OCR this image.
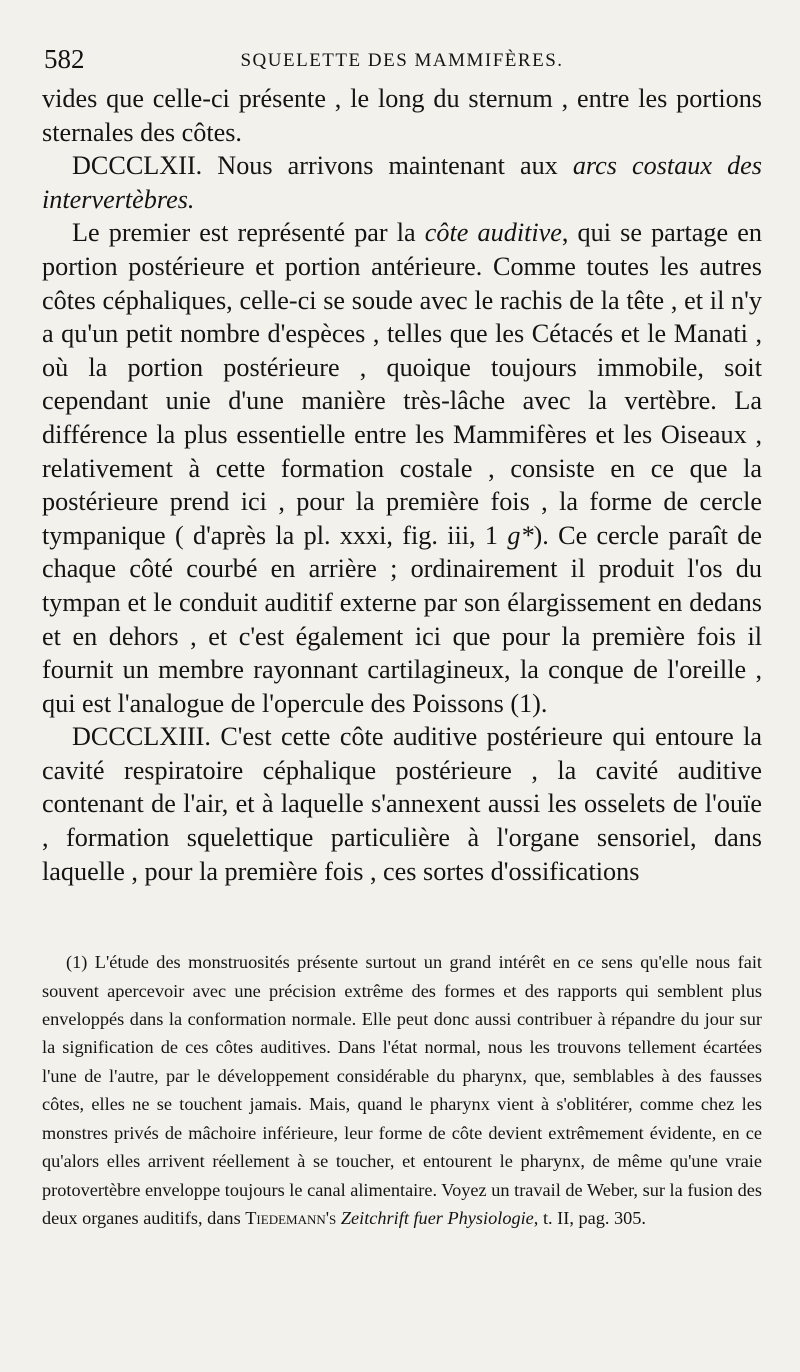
582	SQUELETTE DES MAMMIFÈRES.

vides que celle-ci présente , le long du sternum , entre les portions sternales des côtes.

DCCCLXII. Nous arrivons maintenant aux arcs costaux des intervertèbres.

Le premier est représenté par la côte auditive, qui se partage en portion postérieure et portion antérieure. Comme toutes les autres côtes céphaliques, celle-ci se soude avec le rachis de la tête , et il n'y a qu'un petit nombre d'espèces , telles que les Cétacés et le Manati , où la portion postérieure , quoique toujours immobile, soit cependant unie d'une manière très-lâche avec la vertèbre. La différence la plus essentielle entre les Mammifères et les Oiseaux , relativement à cette formation costale , consiste en ce que la postérieure prend ici , pour la première fois , la forme de cercle tympanique ( d'après la pl. xxxi, fig. iii, 1 g*). Ce cercle paraît de chaque côté courbé en arrière ; ordinairement il produit l'os du tympan et le conduit auditif externe par son élargissement en dedans et en dehors , et c'est également ici que pour la première fois il fournit un membre rayonnant cartilagineux, la conque de l'oreille , qui est l'analogue de l'opercule des Poissons (1).

DCCCLXIII. C'est cette côte auditive postérieure qui entoure la cavité respiratoire céphalique postérieure , la cavité auditive contenant de l'air, et à laquelle s'annexent aussi les osselets de l'ouïe , formation squelettique particulière à l'organe sensoriel, dans laquelle , pour la première fois , ces sortes d'ossifications

(1) L'étude des monstruosités présente surtout un grand intérêt en ce sens qu'elle nous fait souvent apercevoir avec une précision extrême des formes et des rapports qui semblent plus enveloppés dans la conformation normale. Elle peut donc aussi contribuer à répandre du jour sur la signification de ces côtes auditives. Dans l'état normal, nous les trouvons tellement écartées l'une de l'autre, par le développement considérable du pharynx, que, semblables à des fausses côtes, elles ne se touchent jamais. Mais, quand le pharynx vient à s'oblitérer, comme chez les monstres privés de mâchoire inférieure, leur forme de côte devient extrêmement évidente, en ce qu'alors elles arrivent réellement à se toucher, et entourent le pharynx, de même qu'une vraie protovertèbre enveloppe toujours le canal alimentaire. Voyez un travail de Weber, sur la fusion des deux organes auditifs, dans Tiedemann's Zeitchrift fuer Physiologie, t. II, pag. 305.
